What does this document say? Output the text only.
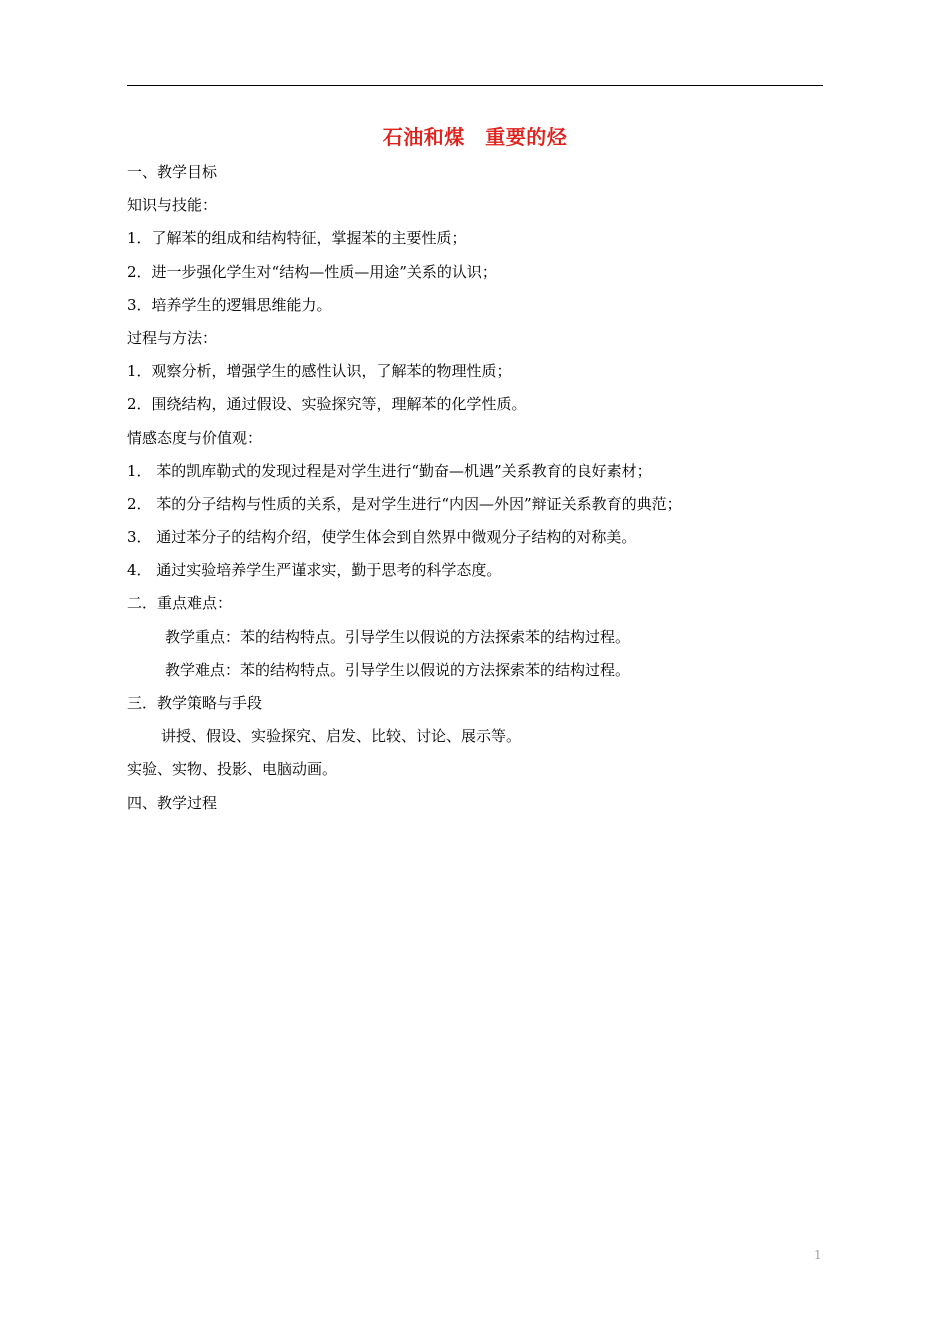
石油和煤　重要的烃
一、教学目标
知识与技能：
1．了解苯的组成和结构特征，掌握苯的主要性质；
2．进一步强化学生对“结构—性质—用途”关系的认识；
3．培养学生的逻辑思维能力。
过程与方法：
1．观察分析，增强学生的感性认识，了解苯的物理性质；
2．围绕结构，通过假设、实验探究等，理解苯的化学性质。
情感态度与价值观：
1． 苯的凯库勒式的发现过程是对学生进行“勤奋—机遇”关系教育的良好素材；
2． 苯的分子结构与性质的关系，是对学生进行“内因—外因”辩证关系教育的典范；
3． 通过苯分子的结构介绍，使学生体会到自然界中微观分子结构的对称美。
4． 通过实验培养学生严谨求实，勤于思考的科学态度。
二．重点难点：
教学重点：苯的结构特点。引导学生以假说的方法探索苯的结构过程。
教学难点：苯的结构特点。引导学生以假说的方法探索苯的结构过程。
三．教学策略与手段
讲授、假设、实验探究、启发、比较、讨论、展示等。
实验、实物、投影、电脑动画。
四、教学过程
1
